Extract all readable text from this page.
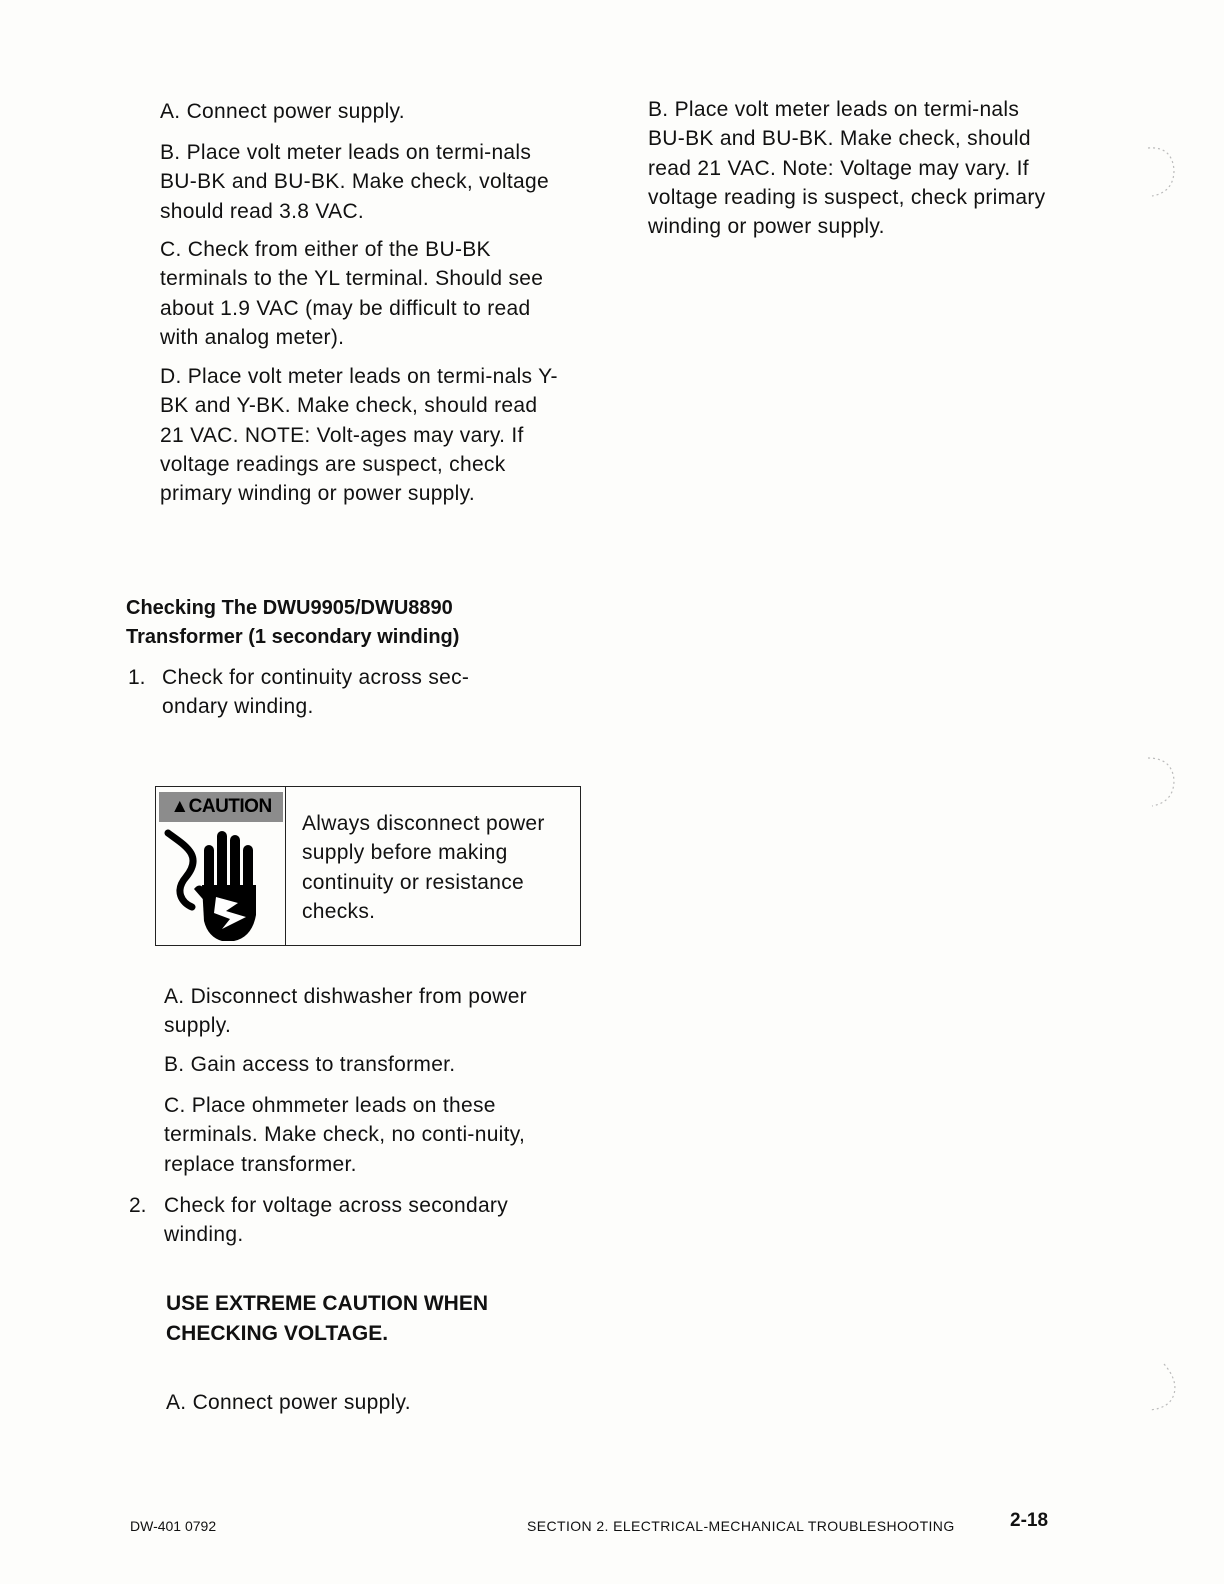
A. Connect power supply.

B. Place volt meter leads on termi-nals BU-BK and BU-BK. Make check, voltage should read 3.8 VAC.

C. Check from either of the BU-BK terminals to the YL terminal. Should see about 1.9 VAC (may be difficult to read with analog meter).

D. Place volt meter leads on termi-nals Y-BK and Y-BK. Make check, should read 21 VAC. NOTE: Volt-ages may vary. If voltage readings are suspect, check primary winding or power supply.

Checking The DWU9905/DWU8890
Transformer (1 secondary winding)
1. Check for continuity across sec-ondary winding.

▲CAUTION
Always disconnect power supply before making continuity or resistance checks.

A. Disconnect dishwasher from power supply.

B. Gain access to transformer.

C. Place ohmmeter leads on these terminals. Make check, no conti-nuity, replace transformer.

2. Check for voltage across secondary winding.

USE EXTREME CAUTION WHEN
CHECKING VOLTAGE.

A. Connect power supply.

B. Place volt meter leads on termi-nals BU-BK and BU-BK. Make check, should read 21 VAC. Note: Voltage may vary. If voltage reading is suspect, check primary winding or power supply.

DW-401 0792	SECTION 2. ELECTRICAL-MECHANICAL TROUBLESHOOTING	2-18
